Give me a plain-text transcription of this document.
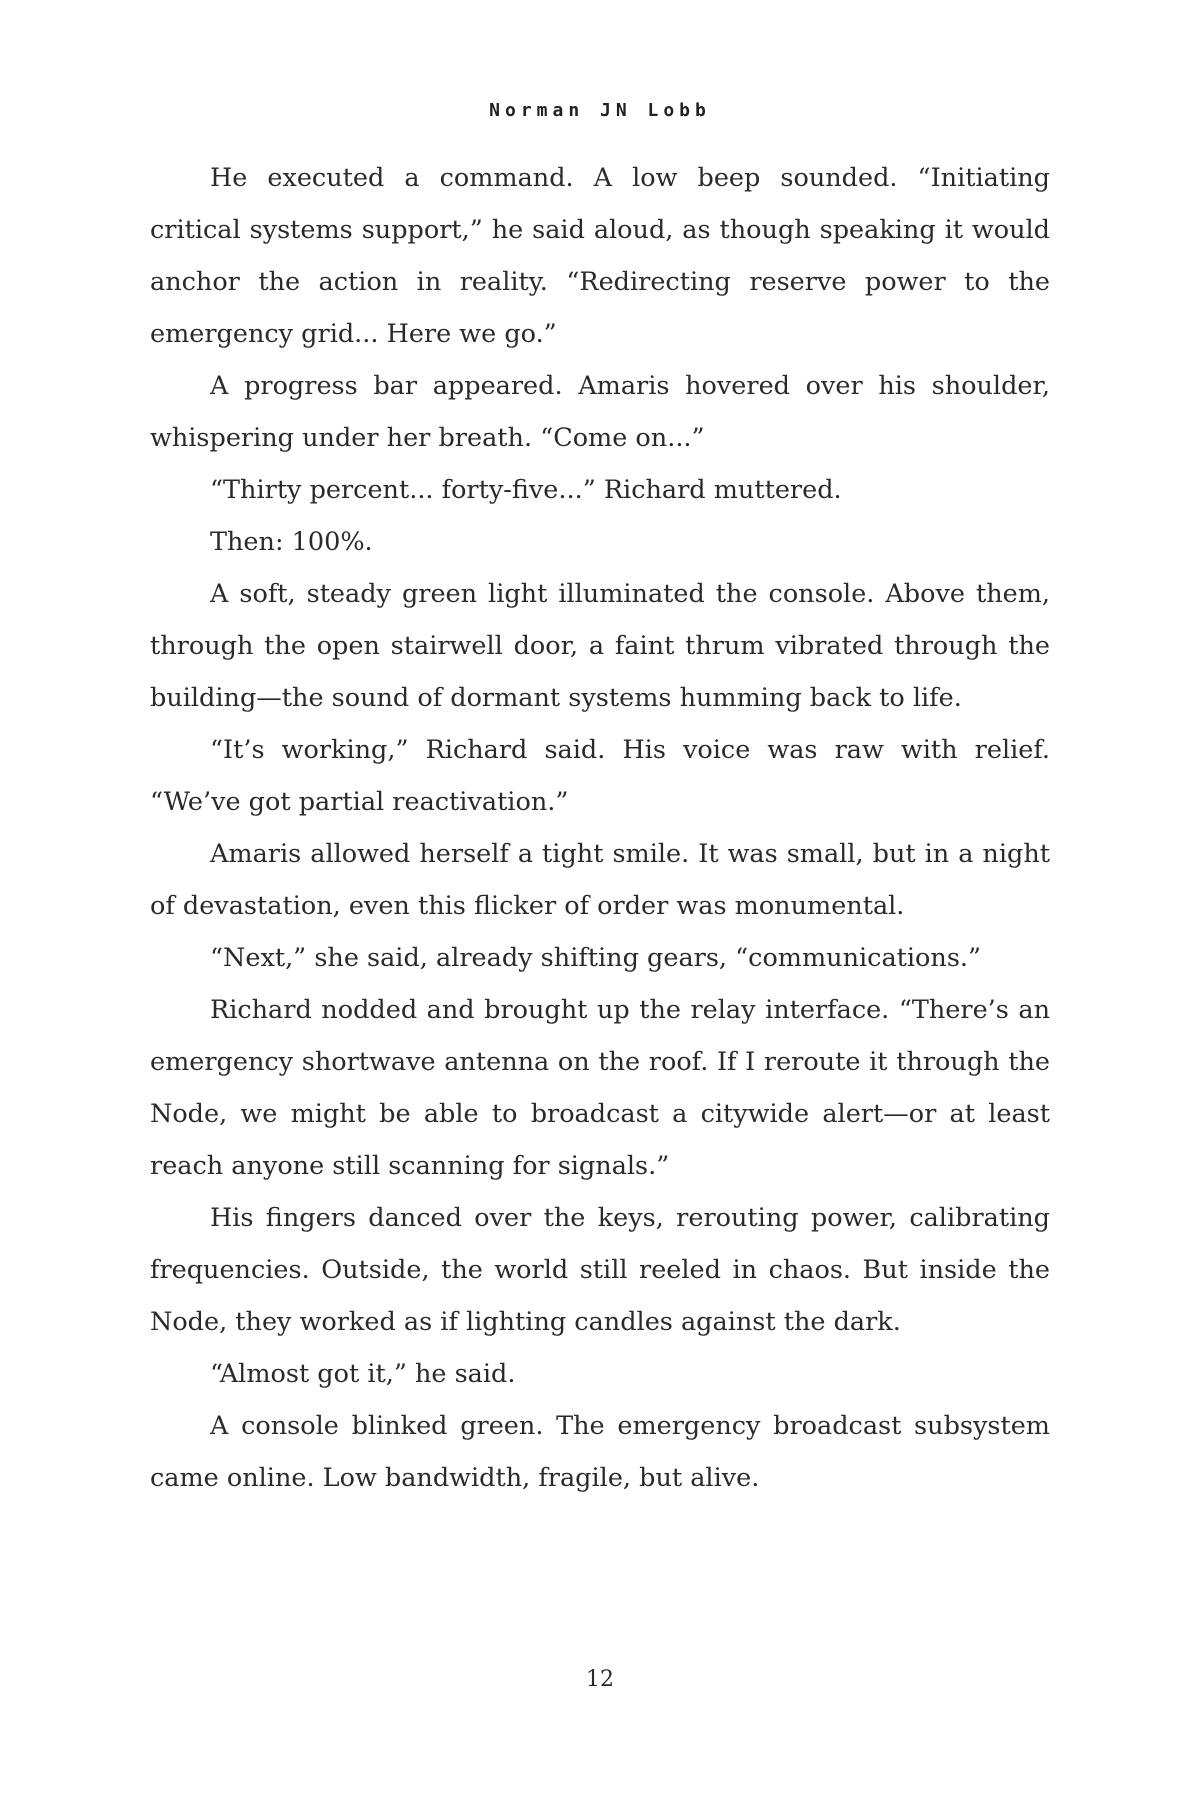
Norman JN Lobb

He executed a command. A low beep sounded. “Initiating critical systems support,” he said aloud, as though speaking it would anchor the action in reality. “Redirecting reserve power to the emergency grid... Here we go.”

A progress bar appeared. Amaris hovered over his shoulder, whispering under her breath. “Come on...”

“Thirty percent... forty-five...” Richard muttered.

Then: 100%.

A soft, steady green light illuminated the console. Above them, through the open stairwell door, a faint thrum vibrated through the building—the sound of dormant systems humming back to life.

“It’s working,” Richard said. His voice was raw with relief. “We’ve got partial reactivation.”

Amaris allowed herself a tight smile. It was small, but in a night of devastation, even this flicker of order was monumental.

“Next,” she said, already shifting gears, “communications.”

Richard nodded and brought up the relay interface. “There’s an emergency shortwave antenna on the roof. If I reroute it through the Node, we might be able to broadcast a citywide alert—or at least reach anyone still scanning for signals.”

His fingers danced over the keys, rerouting power, calibrating frequencies. Outside, the world still reeled in chaos. But inside the Node, they worked as if lighting candles against the dark.

“Almost got it,” he said.

A console blinked green. The emergency broadcast subsystem came online. Low bandwidth, fragile, but alive.

12
